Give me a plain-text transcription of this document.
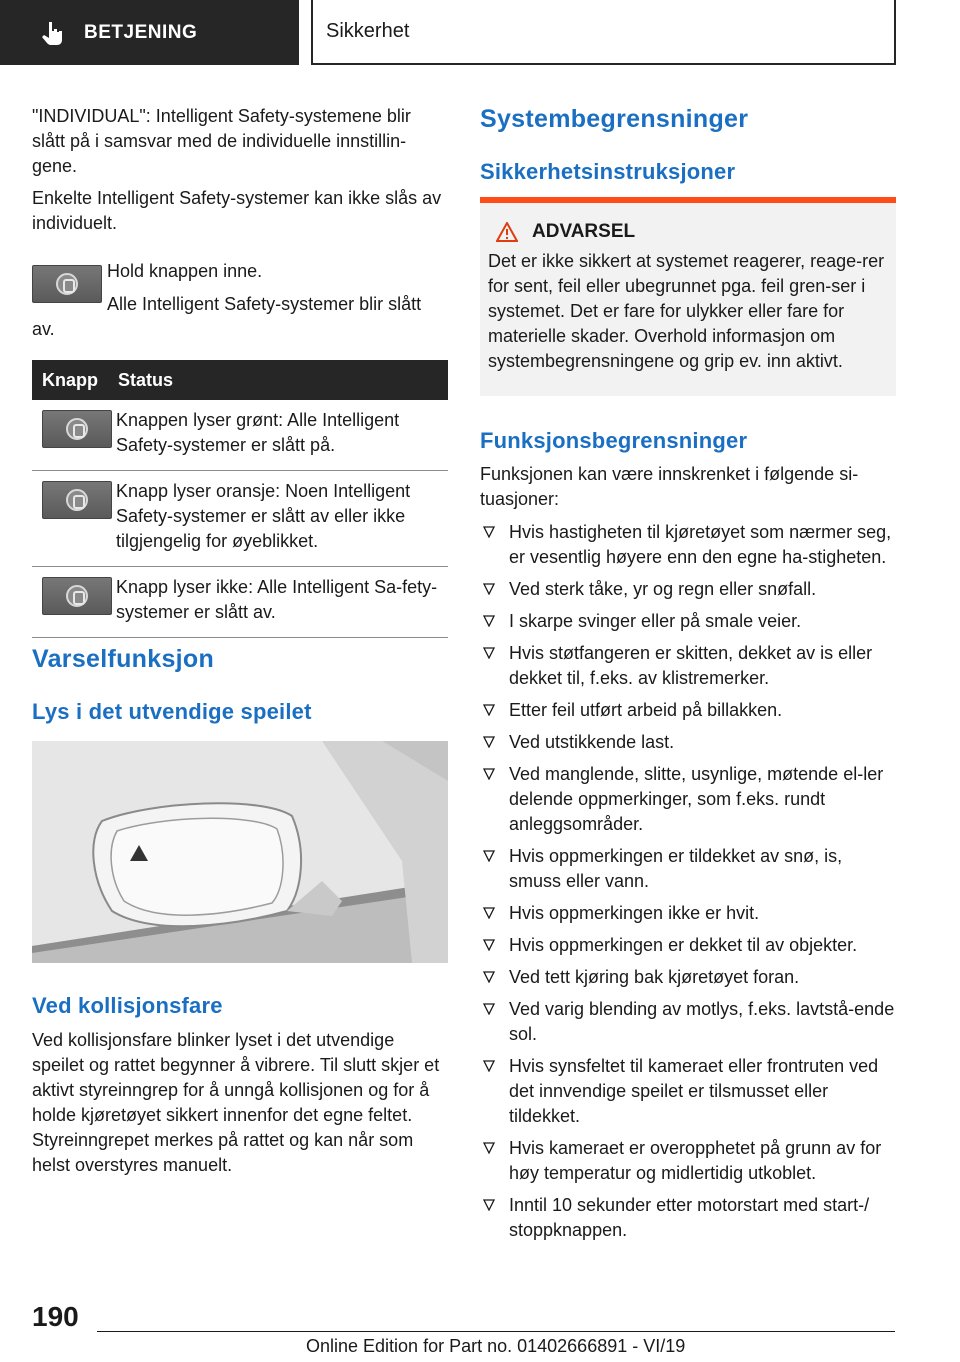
BETJENING	Sikkerhet

"INDIVIDUAL": Intelligent Safety-systemene blir slått på i samsvar med de individuelle innstillin-gene.

Enkelte Intelligent Safety-systemer kan ikke slås av individuelt.

Hold knappen inne.

Alle Intelligent Safety-systemer blir slått av.

Knapp	Status

	Knappen lyser grønt: Alle Intelligent Safety-systemer er slått på.

	Knapp lyser oransje: Noen Intelligent Safety-systemer er slått av eller ikke tilgjengelig for øyeblikket.

	Knapp lyser ikke: Alle Intelligent Sa-fety-systemer er slått av.
Varselfunksjon
Lys i det utvendige speilet
Ved kollisjonsfare

Ved kollisjonsfare blinker lyset i det utvendige speilet og rattet begynner å vibrere. Til slutt skjer et aktivt styreinngrep for å unngå kollisjonen og for å holde kjøretøyet sikkert innenfor det egne feltet. Styreinngrepet merkes på rattet og kan når som helst overstyres manuelt.

Systembegrensninger
Sikkerhetsinstruksjoner
ADVARSEL

Det er ikke sikkert at systemet reagerer, reage-rer for sent, feil eller ubegrunnet pga. feil gren-ser i systemet. Det er fare for ulykker eller fare for materielle skader. Overhold informasjon om systembegrensningene og grip ev. inn aktivt.

Funksjonsbegrensninger

Funksjonen kan være innskrenket i følgende si-tuasjoner:

Hvis hastigheten til kjøretøyet som nærmer seg, er vesentlig høyere enn den egne ha-stigheten.
Ved sterk tåke, yr og regn eller snøfall.
I skarpe svinger eller på smale veier.
Hvis støtfangeren er skitten, dekket av is eller dekket til, f.eks. av klistremerker.
Etter feil utført arbeid på billakken.
Ved utstikkende last.
Ved manglende, slitte, usynlige, møtende el-ler delende oppmerkinger, som f.eks. rundt anleggsområder.
Hvis oppmerkingen er tildekket av snø, is, smuss eller vann.
Hvis oppmerkingen ikke er hvit.
Hvis oppmerkingen er dekket til av objekter.
Ved tett kjøring bak kjøretøyet foran.
Ved varig blending av motlys, f.eks. lavtstå-ende sol.
Hvis synsfeltet til kameraet eller frontruten ved det innvendige speilet er tilsmusset eller tildekket.
Hvis kameraet er overopphetet på grunn av for høy temperatur og midlertidig utkoblet.
Inntil 10 sekunder etter motorstart med start-/ stoppknappen.
190
Online Edition for Part no. 01402666891 - VI/19
